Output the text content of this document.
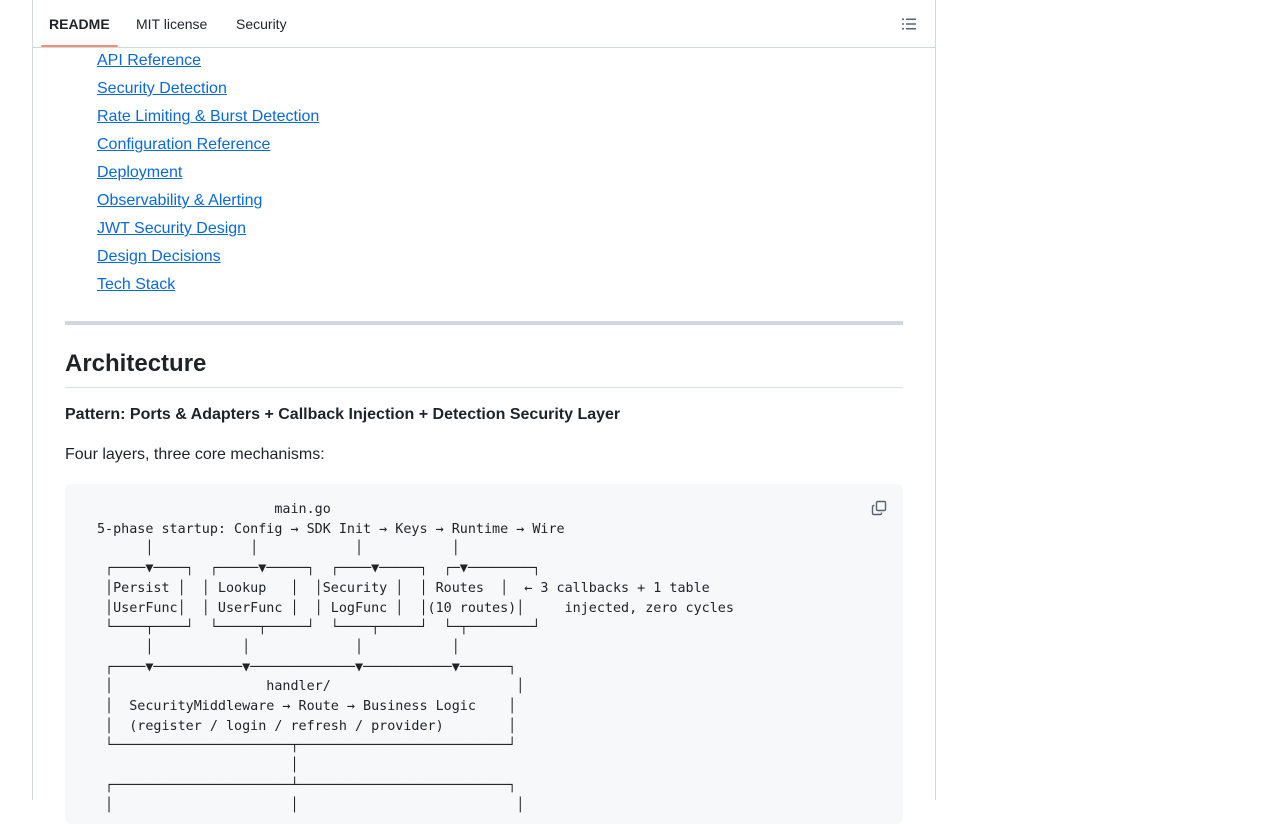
README MIT license Security
API Reference
Security Detection
Rate Limiting & Burst Detection
Configuration Reference
Deployment
Observability & Alerting
JWT Security Design
Design Decisions
Tech Stack
Architecture
Pattern: Ports & Adapters + Callback Injection + Detection Security Layer
Four layers, three core mechanisms:
main.go
5-phase startup: Config → SDK Init → Keys → Runtime → Wire
│            │            │           │
┌────▼────┐  ┌─────▼─────┐  ┌────▼─────┐  ┌─▼────────┐
│Persist │  │ Lookup   │  │Security │  │ Routes  │  ← 3 callbacks + 1 table
│UserFunc│  │ UserFunc │  │ LogFunc │  │(10 routes)│     injected, zero cycles
└────┬────┘  └─────┬─────┘  └────┬─────┘  └─┬────────┘
│           │             │           │
┌────▼───────────▼─────────────▼───────────▼──────┐
│                   handler/                       │
│  SecurityMiddleware → Route → Business Logic    │
│  (register / login / refresh / provider)        │
└──────────────────────┬──────────────────────────┘
│
┌──────────────────────┴──────────────────────────┐
│                      │                           │
